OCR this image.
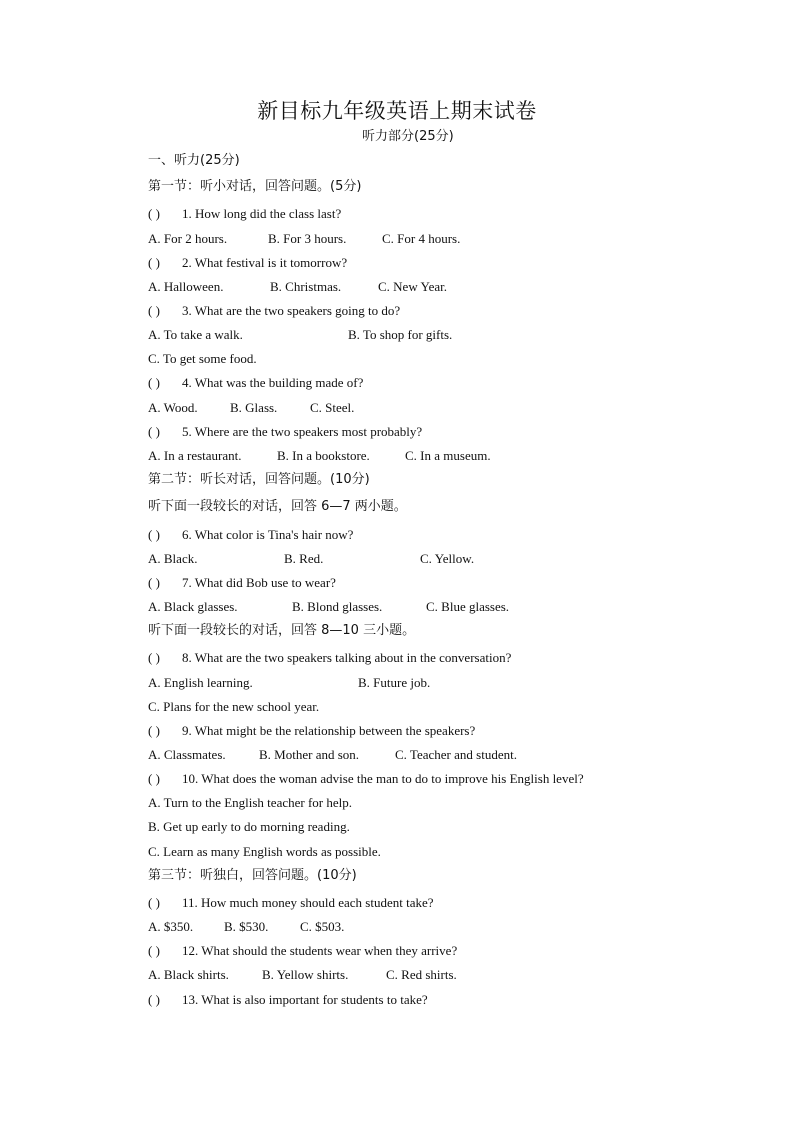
新目标九年级英语上期末试卷
听力部分(25分)
一、听力(25分)
第一节：听小对话，回答问题。(5分)
( ) 1. How long did the class last?
A. For 2 hours.	B. For 3 hours.	C. For 4 hours.
( ) 2. What festival is it tomorrow?
A. Halloween.	B. Christmas.	C. New Year.
( ) 3. What are the two speakers going to do?
A. To take a walk.	B. To shop for gifts.
C. To get some food.
( ) 4. What was the building made of?
A. Wood. B. Glass.	C. Steel.
( ) 5. Where are the two speakers most probably?
A. In a restaurant.	B. In a bookstore.	C. In a museum.
第二节：听长对话，回答问题。(10分)
听下面一段较长的对话，回答 6—7 两小题。
( ) 6. What color is Tina's hair now?
A. Black.	B. Red.	C. Yellow.
( ) 7. What did Bob use to wear?
A. Black glasses.	B. Blond glasses.	C. Blue glasses.
听下面一段较长的对话，回答 8—10 三小题。
( ) 8. What are the two speakers talking about in the conversation?
A. English learning.	B. Future job.
C. Plans for the new school year.
( ) 9. What might be the relationship between the speakers?
A. Classmates.	B. Mother and son.	C. Teacher and student.
( ) 10. What does the woman advise the man to do to improve his English level?
A. Turn to the English teacher for help.
B. Get up early to do morning reading.
C. Learn as many English words as possible.
第三节：听独白，回答问题。(10分)
( ) 11. How much money should each student take?
A. $350. B. $530. C. $503.
( ) 12. What should the students wear when they arrive?
A. Black shirts.	B. Yellow shirts.	C. Red shirts.
( ) 13. What is also important for students to take?
